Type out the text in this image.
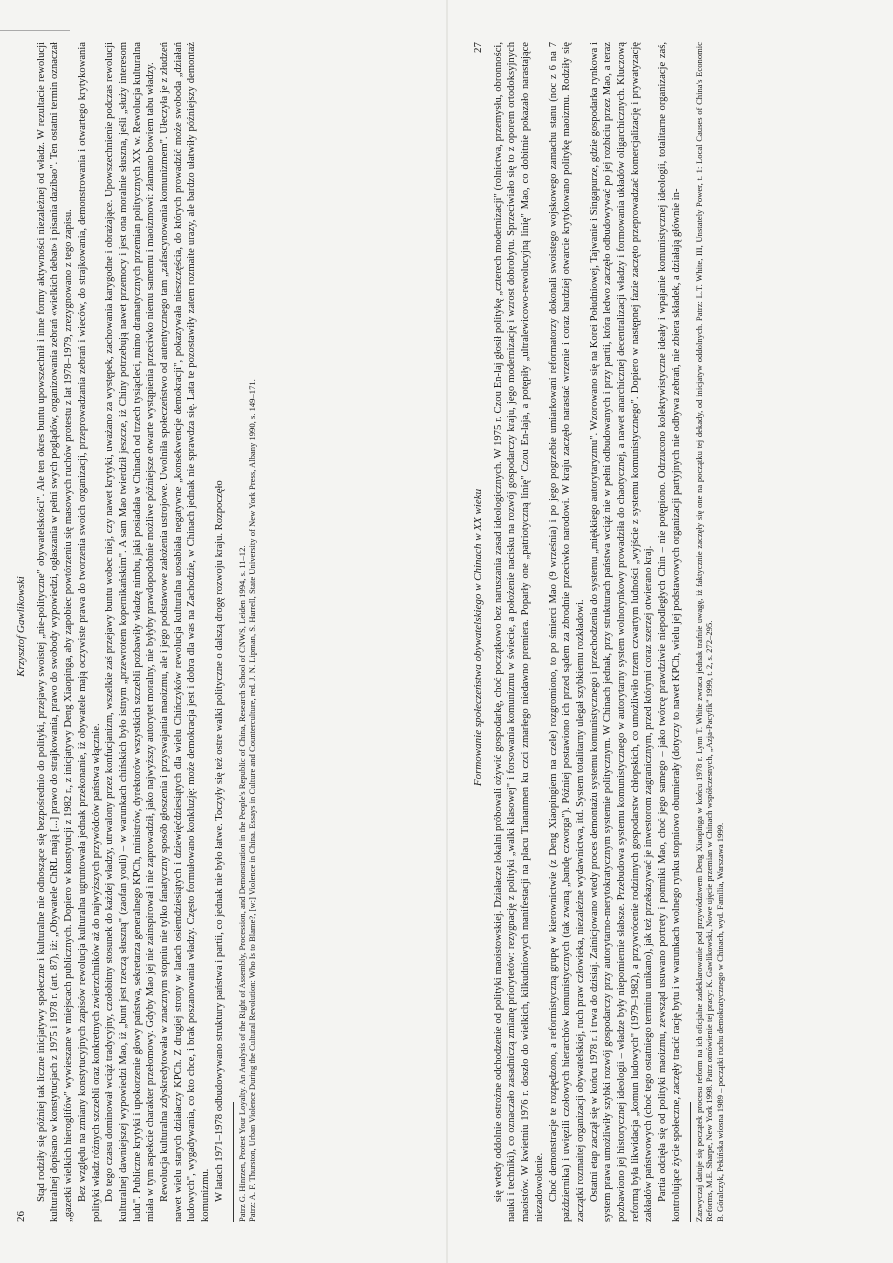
26
Krzysztof Gawlikowski Stąd rodziły się później tak liczne inicjatywy społeczne i kulturalne nie odnoszące się bezpośrednio do polityki, przejawy swoistej „nie-polityczne" obywatelskości". Ale ten okres buntu upowszechnił i inne formy aktywności niezależnej od władz. W rezultacie rewolucji kulturalnej dopisano w konstytucjach z 1975 i 1978 r. (art. 87), iż: „Obywatele ChRL mają [...] prawo do strajkowania, prawo do swobody wypowiedzi, ogłaszania w pełni swych poglądów, organizowania zebrań «wielkich debat» i pisania dazibao". Ten ostatni termin oznaczał „gazetki wielkich hieroglifów" wywieszane w miejscach publicznych. Dopiero w konstytucji z 1982 r., z inicjatywy Deng Xiaopinga, aby zapobiec powtórzeniu się masowych ruchów protestu z lat 1978–1979, zrezygnowano z tego zapisu. Bez względu na zmiany konstytucyjnych zapisów rewolucja kulturalna ugruntowała jednak przekonanie, iż obywatele mają oczywiste prawa do tworzenia swoich organizacji, przeprowadzania zebrań i wieców, do strajkowania, demonstrowania i otwartego krytykowania polityki władz różnych szczebli oraz konkretnych zwierzchników aż do najwyższych przywódców państwa włącznie. Do tego czasu dominował wciąż tradycyjny, czołobitny stosunek do każdej władzy, utrwalony przez konfucjanizm, wszelkie zaś przejawy buntu wobec niej, czy nawet krytyki, uważano za występek, zachowania karygodne i obrażające. Upowszechnienie podczas rewolucji kulturalnej dawniejszej wypowiedzi Mao, iż „bunt jest rzeczą słuszną" (zaofan youli) – w warunkach chińskich było istnym „przewrotem kopernikańskim". A sam Mao twierdził jeszcze, iż Chiny potrzebują nawet przemocy i jest ona moralnie słuszna, jeśli „służy interesom ludu". Publiczne krytyki i upokorzenie głowy państwa, sekretarza generalnego KPCh, ministrów, dyrektorów wszystkich szczebli pozbawiły władzę nimbu, jaki posiadała w Chinach od trzech tysiącleci, mimo dramatycznych przemian politycznych XX w. Rewolucja kulturalna miała w tym aspekcie charakter przełomowy. Gdyby Mao jej nie zainspirował i nie zaprowadził, jako najwyższy autorytet moralny, nie byłyby prawdopodobnie możliwe późniejsze otwarte wystąpienia przeciwko niemu samemu i maoizmowi: złamano bowiem tabu władzy. Rewolucja kulturalna zdyskredytowała w znacznym stopniu nie tylko fanatyczny sposób głoszenia i przyswajania maoizmu, ale i jego podstawowe założenia ustrojowe. Uwolniła społeczeństwo od autentycznego tam „zafascynowania komunizmem". Ułeczyła je z złudzeń nawet wielu starych działaczy KPCh. Z drugiej strony w latach osiemdziesiątych i dziewięćdziesiątych dla wielu Chińczyków rewolucja kulturalna uosabiała negatywne „konsekwencje demokracji", pokazywała nieszczęścia, do których prowadzić może swoboda „działań ludowych", wygadywania, co kto chce, i brak poszanowania władzy. Często formułowano konkluzję: może demokracja jest i dobra dla was na Zachodzie, w Chinach jednak nie sprawdza się. Lata te pozostawiły zatem rozmaite urazy, ale bardzo ułatwiły późniejszy demontaż komunizmu. W latach 1971–1978 odbudowywano struktury państwa i partii, co jednak nie było łatwe. Toczyły się też ostre walki polityczne o dalszą drogę rozwoju kraju. Rozpoczęło Patrz G. Hinrzen, Protest Your Loyalty. An Analysis of the Right of Assembly, Procession, and Demonstration in the People's Republic of China, Research School of CNWS, Leiden 1994, s. 11–12. Patrz: A. F. Thurston, Urban Violence During the Cultural Revolution: Who Is to Blame?, [w:] Violence in China. Essays in Culture and Counterculture, red. J. N. Lipman, S. Harrell, State University of New York Press, Albany 1990, s. 149–171.	Formowanie społeczeństwa obywatelskiego w Chinach w XX wieku
27 się wtedy oddolnie ostrożne odchodzenie od polityki maoistowskiej. Działacze lokalni próbowali ożywić gospodarkę, choć początkowo bez naruszania zasad ideologicznych. W 1975 r. Czou En-laj głosił politykę „czterech modernizacji" (rolnictwa, przemysłu, obronności, nauki i techniki), co oznaczało zasadniczą zmianę priorytetów: rezygnację z polityki „walki klasowej" i forsowania komunizmu w świecie, a położenie nacisku na rozwój gospodarczy kraju, jego modernizację i wzrost dobrobytu. Sprzeciwiało się to z oporem ortodoksyjnych maoistów. W kwietniu 1976 r. doszło do wielkich, kilkudniowych manifestacji na placu Tiananmen ku czci zmarłego niedawno premiera. Poparły one „patriotyczną linię" Czou En-laja, a potępiły „ultralewicowo-rewolucyjną linię" Mao, co dobitnie pokazało narastające niezadowolenie. Choć demonstracje te rozpędzono, a reformistyczną grupę w kierownictwie (z Deng Xiaopingiem na czele) rozgromiono, to po śmierci Mao (9 września) i po jego pogrzebie umiarkowani reformatorzy dokonali swoistego wojskowego zamachu stanu (noc z 6 na 7 października) i uwięzili czołowych hierarchów komunistycznych (tak zwaną „bandę czworga"). Później postawiono ich przed sądem za zbrodnie przeciwko narodowi. W kraju zaczęło narastać wrzenie i coraz bardziej otwarcie krytykowano politykę maoizmu. Rodziły się zaczątki rozmaitej organizacji obywatelskiej, ruch praw człowieka, niezależne wydawnictwa, itd. System totalitarny ulegał szybkiemu rozkładowi. Ostatni etap zaczął się w końcu 1978 r. i trwa do dzisiaj. Zainicjowano wtedy proces demontażu systemu komunistycznego i przechodzenia do systemu „miękkiego autorytaryzmu". Wzorowano się na Korei Południowej, Tajwanie i Singapurze, gdzie gospodarka rynkowa i system prawa umożliwiły szybki rozwój gospodarczy przy autorytarno-merytokratycznym systemie politycznym. W Chinach jednak, przy strukturach państwa wciąż nie w pełni odbudowanych i przy partii, która ledwo zaczęło odbudowywać po jej rozbiciu przez Mao, a teraz pozbawiono jej historycznej ideologii – władze były niepomiernie słabsze. Przebudowa systemu komunistycznego w autorytarny system wolnorynkowy prowadziła do chaotycznej, a nawet anarchicznej decentralizacji władzy i formowania układów oligarchicznych. Kluczową reformą była likwidacja „komun ludowych" (1979–1982), a przywrócenie rodzinnych gospodarstw chłopskich, co umożliwiło trzem czwartym ludności „wyjście z systemu komunistycznego". Dopiero w następnej fazie zaczęto przeprowadzać komercjalizację i prywatyzację zakładów państwowych (choć tego ostatniego terminu unikano), jak też przekazywać je inwestorom zagranicznym, przed którymi coraz szerzej otwierano kraj. Partia odcięła się od polityki maoizmu, zewsząd usuwano portrety i pomniki Mao, choć jego samego – jako twórcę prawdziwie niepodległych Chin – nie potępiono. Odrzucono kolektywistyczne ideały i wpajanie komunistycznej ideologii, totalitarne organizacje zaś, kontrolujące życie społeczne, zaczęły tracić rację bytu i w warunkach wolnego rynku stopniowo obumierały (dotyczy to nawet KPCh, wielu jej podstawowych organizacji partyjnych nie odbywa zebrań, nie zbiera składek, a działają głównie in- Zazwyczaj datuje się początek procesu reform na ich oficjalne zadeklarowanie pod przywództwem Deng Xiaopinga w końcu 1978 r. Lynn T. White zwraca jednak trafnie uwagę, iż faktycznie zaczęły się one na początku tej dekady, od inicjatyw oddolnych. Patrz: L.T. White, III, Unstately Power, t. 1: Local Causes of China's Economic Reforms, M.E. Sharpe, New York 1998. Patrz omówienie tej pracy: K. Gawlikowski, Nowe ujęcie przemian w Chinach współczesnych, „Azja-Pacyfik" 1999, t. 2, s. 272–295. B. Góralczyk, Pekińska wiosna 1989 – początki ruchu demokratycznego w Chinach, wyd. Familia, Warszawa 1999.
